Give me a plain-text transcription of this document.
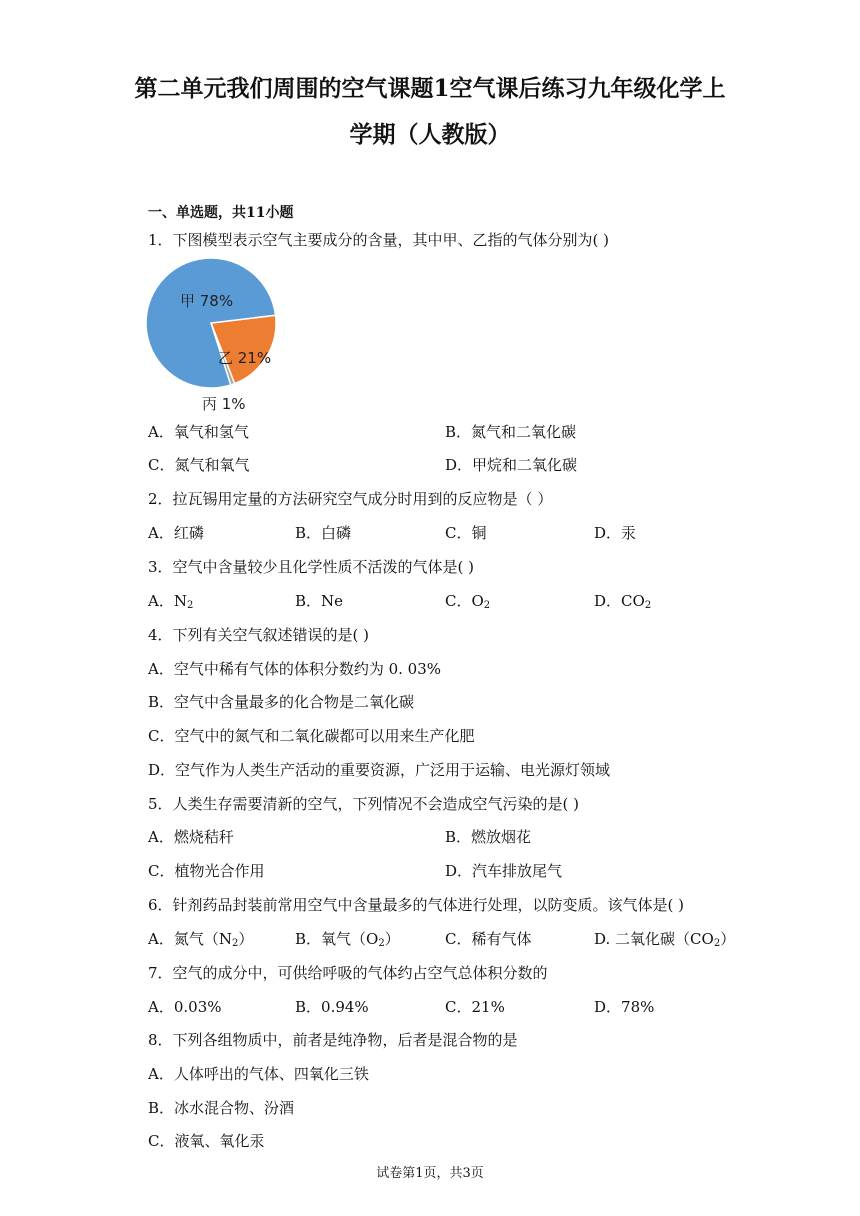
第二单元我们周围的空气课题1空气课后练习九年级化学上
学期（人教版）
一、单选题，共11小题
1．下图模型表示空气主要成分的含量，其中甲、乙指的气体分别为( )
甲 78%
乙 21%
丙 1%
A．氧气和氢气	B．氮气和二氧化碳
C．氮气和氧气	D．甲烷和二氧化碳
2．拉瓦锡用定量的方法研究空气成分时用到的反应物是（ ）
A．红磷	B．白磷	C．铜	D．汞
3．空气中含量较少且化学性质不活泼的气体是( )
A．$N_2$	B．Ne	C．$O_2$	D．$CO_2$
4．下列有关空气叙述错误的是( )
A．空气中稀有气体的体积分数约为 0. 03%
B．空气中含量最多的化合物是二氧化碳
C．空气中的氮气和二氧化碳都可以用来生产化肥
D．空气作为人类生产活动的重要资源，广泛用于运输、电光源灯领域
5．人类生存需要清新的空气，下列情况不会造成空气污染的是( )
A．燃烧秸秆	B．燃放烟花
C．植物光合作用	D．汽车排放尾气
6．针剂药品封装前常用空气中含量最多的气体进行处理，以防变质。该气体是( )
A．氮气$(N_2)$	B．氧气$(O_2)$	C．稀有气体	D. 二氧化碳$(CO_2)$
7．空气的成分中，可供给呼吸的气体约占空气总体积分数的
A．0.03%	B．0.94%	C．21%	D．78%
8．下列各组物质中，前者是纯净物，后者是混合物的是
A．人体呼出的气体、四氧化三铁
B．冰水混合物、汾酒
C．液氧、氧化汞
试卷第1页，共3页
